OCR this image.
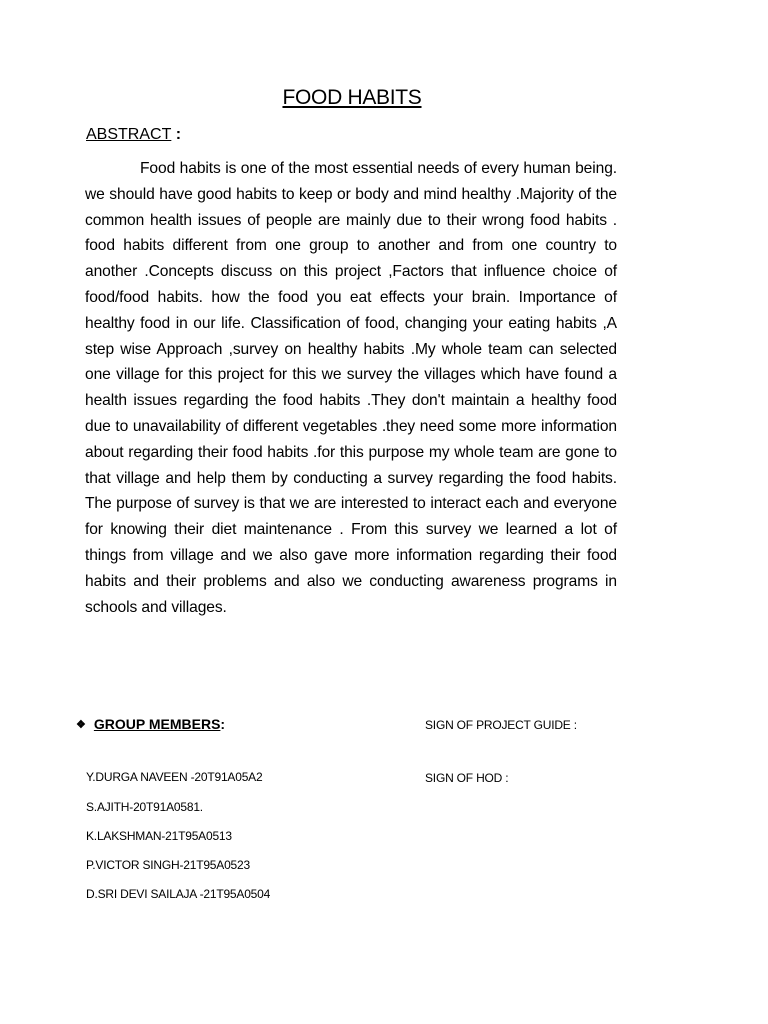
FOOD HABITS
ABSTRACT :

Food habits is one of the most essential needs of every human being. we should have good habits to keep or body and mind healthy .Majority of the common health issues of people are mainly due to their wrong food habits . food habits different from one group to another and from one country to another .Concepts discuss on this project ,Factors that influence choice of food/food habits. how the food you eat effects your brain. Importance of healthy food in our life. Classification of food, changing your eating habits ,A step wise Approach ,survey on healthy habits .My whole team can selected one village for this project for this we survey the villages which have found a health issues regarding the food habits .They don't maintain a healthy food due to unavailability of different vegetables .they need some more information about regarding their food habits .for this purpose my whole team are gone to that village and help them by conducting a survey regarding the food habits. The purpose of survey is that we are interested to interact each and everyone for knowing their diet maintenance . From this survey we learned a lot of things from village and we also gave more information regarding their food habits and their problems and also we conducting awareness programs in schools and villages.

❖ GROUP MEMBERS:
Y.DURGA NAVEEN -20T91A05A2
S.AJITH-20T91A0581.
K.LAKSHMAN-21T95A0513
P.VICTOR SINGH-21T95A0523
D.SRI DEVI SAILAJA -21T95A0504
SIGN OF PROJECT GUIDE :
SIGN OF HOD :
